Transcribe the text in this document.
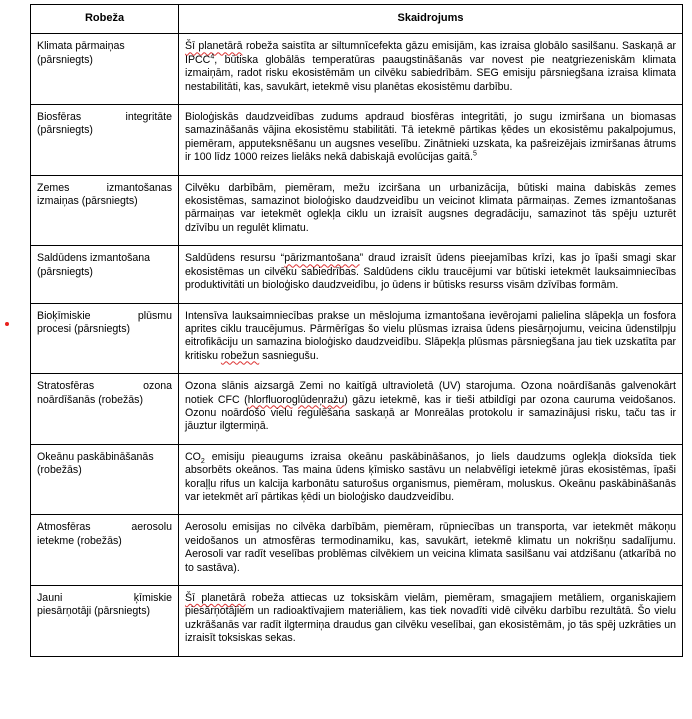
Robeža	Skaidrojums

Klimata pārmaiņas
(pārsniegts)	Šī planetārā robeža saistīta ar siltumnīcefekta gāzu emisijām, kas izraisa globālo sasilšanu. Saskaņā ar IPCC$^4$, būtiska globālās temperatūras paaugstināšanās var novest pie neatgriezeniskām klimata izmaiņām, radot risku ekosistēmām un cilvēku sabiedrībām. SEG emisiju pārsniegšana izraisa klimata nestabilitāti, kas, savukārt, ietekmē visu planētas ekosistēmu darbību.

Biosfēras integritāte
(pārsniegts)	Bioloģiskās daudzveidības zudums apdraud biosfēras integritāti, jo sugu izmiršana un biomasas samazināšanās vājina ekosistēmu stabilitāti. Tā ietekmē pārtikas ķēdes un ekosistēmu pakalpojumus, piemēram, apputeksnēšanu un augsnes veselību. Zinātnieki uzskata, ka pašreizējais izmiršanas ātrums ir 100 līdz 1000 reizes lielāks nekā dabiskajā evolūcijas gaitā.$^5$

Zemes izmantošanas
izmaiņas (pārsniegts)	Cilvēku darbībām, piemēram, mežu izciršana un urbanizācija, būtiski maina dabiskās zemes ekosistēmas, samazinot bioloģisko daudzveidību un veicinot klimata pārmaiņas. Zemes izmantošanas pārmaiņas var ietekmēt oglekļa ciklu un izraisīt augsnes degradāciju, samazinot tās spēju uzturēt dzīvību un regulēt klimatu.

Saldūdens izmantošana
(pārsniegts)	Saldūdens resursu “pārizmantošana” draud izraisīt ūdens pieejamības krīzi, kas jo īpaši smagi skar ekosistēmas un cilvēku sabiedrības. Saldūdens ciklu traucējumi var būtiski ietekmēt lauksaimniecības produktivitāti un bioloģisko daudzveidību, jo ūdens ir būtisks resurss visām dzīvības formām.

Bioķīmiskie plūsmu
procesi (pārsniegts)	Intensīva lauksaimniecības prakse un mēslojuma izmantošana ievērojami palielina slāpekļa un fosfora aprites ciklu traucējumus. Pārmērīgas šo vielu plūsmas izraisa ūdens piesārņojumu, veicina ūdenstilpju eitrofikāciju un samazina bioloģisko daudzveidību. Slāpekļa plūsmas pārsniegšana jau tiek uzskatīta par kritisku robežun sasniegušu.

Stratosfēras ozona
noārdīšanās (robežās)	Ozona slānis aizsargā Zemi no kaitīgā ultravioletā (UV) starojuma. Ozona noārdīšanās galvenokārt notiek CFC (hlorfluoroglūdeņražu) gāzu ietekmē, kas ir tieši atbildīgi par ozona cauruma veidošanos. Ozonu noārdošo vielu regulēšana saskaņā ar Monreālas protokolu ir samazinājusi risku, taču tas ir jāuztur ilgtermiņā.

Okeānu paskābināšanās
(robežās)	$CO_2$ emisiju pieaugums izraisa okeānu paskābināšanos, jo liels daudzums oglekļa dioksīda tiek absorbēts okeānos. Tas maina ūdens ķīmisko sastāvu un nelabvēlīgi ietekmē jūras ekosistēmas, īpaši koraļļu rifus un kalcija karbonātu saturošus organismus, piemēram, moluskus. Okeānu paskābināšanās var ietekmēt arī pārtikas ķēdi un bioloģisko daudzveidību.

Atmosfēras aerosolu
ietekme (robežās)	Aerosolu emisijas no cilvēka darbībām, piemēram, rūpniecības un transporta, var ietekmēt mākoņu veidošanos un atmosfēras termodinamiku, kas, savukārt, ietekmē klimatu un nokrišņu sadalījumu. Aerosoli var radīt veselības problēmas cilvēkiem un veicina klimata sasilšanu vai atdzišanu (atkarībā no to sastāva).

Jauni ķīmiskie
piesārņotāji (pārsniegts)	Šī planetārā robeža attiecas uz toksiskām vielām, piemēram, smagajiem metāliem, organiskajiem piesārņotājiem un radioaktīvajiem materiāliem, kas tiek novadīti vidē cilvēku darbību rezultātā. Šo vielu uzkrāšanās var radīt ilgtermiņa draudus gan cilvēku veselībai, gan ekosistēmām, jo tās spēj uzkrāties un izraisīt toksiskas sekas.
